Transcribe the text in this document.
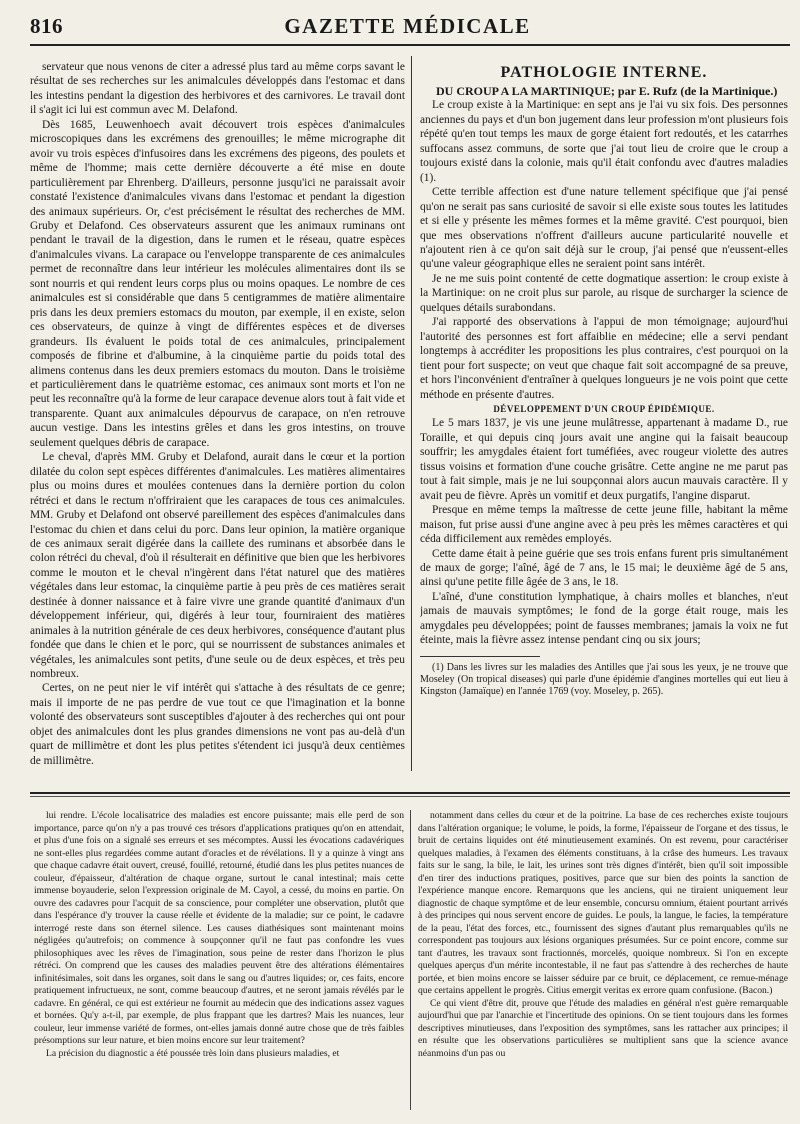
816	GAZETTE MÉDICALE

servateur que nous venons de citer a adressé plus tard au même corps savant le résultat de ses recherches sur les animalcules développés dans l'estomac et dans les intestins pendant la digestion des herbivores et des carnivores. Le travail dont il s'agit ici lui est commun avec M. Delafond.

Dès 1685, Leuwenhoech avait découvert trois espèces d'animalcules microscopiques dans les excrémens des grenouilles; le même micrographe dit avoir vu trois espèces d'infusoires dans les excrémens des pigeons, des poulets et même de l'homme; mais cette dernière découverte a été mise en doute particulièrement par Ehrenberg. D'ailleurs, personne jusqu'ici ne paraissait avoir constaté l'existence d'animalcules vivans dans l'estomac et pendant la digestion des animaux supérieurs. Or, c'est précisément le résultat des recherches de MM. Gruby et Delafond. Ces observateurs assurent que les animaux ruminans ont pendant le travail de la digestion, dans le rumen et le réseau, quatre espèces d'animalcules vivans. La carapace ou l'enveloppe transparente de ces animalcules permet de reconnaître dans leur intérieur les molécules alimentaires dont ils se sont nourris et qui rendent leurs corps plus ou moins opaques. Le nombre de ces animalcules est si considérable que dans 5 centigrammes de matière alimentaire pris dans les deux premiers estomacs du mouton, par exemple, il en existe, selon ces observateurs, de quinze à vingt de différentes espèces et de diverses grandeurs. Ils évaluent le poids total de ces animalcules, principalement composés de fibrine et d'albumine, à la cinquième partie du poids total des alimens contenus dans les deux premiers estomacs du mouton. Dans le troisième et particulièrement dans le quatrième estomac, ces animaux sont morts et l'on ne peut les reconnaître qu'à la forme de leur carapace devenue alors tout à fait vide et transparente. Quant aux animalcules dépourvus de carapace, on n'en retrouve aucun vestige. Dans les intestins grêles et dans les gros intestins, on trouve seulement quelques débris de carapace.

Le cheval, d'après MM. Gruby et Delafond, aurait dans le cœur et la portion dilatée du colon sept espèces différentes d'animalcules. Les matières alimentaires plus ou moins dures et moulées contenues dans la dernière portion du colon rétréci et dans le rectum n'offriraient que les carapaces de tous ces animalcules. MM. Gruby et Delafond ont observé pareillement des espèces d'animalcules dans l'estomac du chien et dans celui du porc. Dans leur opinion, la matière organique de ces animaux serait digérée dans la caillete des ruminans et absorbée dans le colon rétréci du cheval, d'où il résulterait en définitive que bien que les herbivores comme le mouton et le cheval n'ingèrent dans l'état naturel que des matières végétales dans leur estomac, la cinquième partie à peu près de ces matières serait destinée à donner naissance et à faire vivre une grande quantité d'animaux d'un développement inférieur, qui, digérés à leur tour, fourniraient des matières animales à la nutrition générale de ces deux herbivores, conséquence d'autant plus fondée que dans le chien et le porc, qui se nourrissent de substances animales et végétales, les animalcules sont petits, d'une seule ou de deux espèces, et très peu nombreux.

Certes, on ne peut nier le vif intérêt qui s'attache à des résultats de ce genre; mais il importe de ne pas perdre de vue tout ce que l'imagination et la bonne volonté des observateurs sont susceptibles d'ajouter à des recherches qui ont pour objet des animalcules dont les plus grandes dimensions ne vont pas au-delà d'un quart de millimètre et dont les plus petites s'étendent ici jusqu'à deux centièmes de millimètre.

PATHOLOGIE INTERNE.

DU CROUP A LA MARTINIQUE; par E. Rufz (de la Martinique.)

Le croup existe à la Martinique: en sept ans je l'ai vu six fois. Des personnes anciennes du pays et d'un bon jugement dans leur profession m'ont plusieurs fois répété qu'en tout temps les maux de gorge étaient fort redoutés, et les catarrhes suffocans assez communs, de sorte que j'ai tout lieu de croire que le croup a toujours existé dans la colonie, mais qu'il était confondu avec d'autres maladies (1).

Cette terrible affection est d'une nature tellement spécifique que j'ai pensé qu'on ne serait pas sans curiosité de savoir si elle existe sous toutes les latitudes et si elle y présente les mêmes formes et la même gravité. C'est pourquoi, bien que mes observations n'offrent d'ailleurs aucune particularité nouvelle et n'ajoutent rien à ce qu'on sait déjà sur le croup, j'ai pensé que n'eussent-elles qu'une valeur géographique elles ne seraient point sans intérêt.

Je ne me suis point contenté de cette dogmatique assertion: le croup existe à la Martinique: on ne croit plus sur parole, au risque de surcharger la science de quelques détails surabondans.

J'ai rapporté des observations à l'appui de mon témoignage; aujourd'hui l'autorité des personnes est fort affaiblie en médecine; elle a servi pendant longtemps à accréditer les propositions les plus contraires, c'est pourquoi on la tient pour fort suspecte; on veut que chaque fait soit accompagné de sa preuve, et hors l'inconvénient d'entraîner à quelques longueurs je ne vois point que cette méthode en présente d'autres.

DÉVELOPPEMENT D'UN CROUP ÉPIDÉMIQUE.

Le 5 mars 1837, je vis une jeune mulâtresse, appartenant à madame D., rue Toraille, et qui depuis cinq jours avait une angine qui la faisait beaucoup souffrir; les amygdales étaient fort tuméfiées, avec rougeur violette des autres tissus voisins et formation d'une couche grisâtre. Cette angine ne me parut pas tout à fait simple, mais je ne lui soupçonnai alors aucun mauvais caractère. Il y avait peu de fièvre. Après un vomitif et deux purgatifs, l'angine disparut.

Presque en même temps la maîtresse de cette jeune fille, habitant la même maison, fut prise aussi d'une angine avec à peu près les mêmes caractères et qui céda difficilement aux remèdes employés.

Cette dame était à peine guérie que ses trois enfans furent pris simultanément de maux de gorge; l'aîné, âgé de 7 ans, le 15 mai; le deuxième âgé de 5 ans, ainsi qu'une petite fille âgée de 3 ans, le 18.

L'aîné, d'une constitution lymphatique, à chairs molles et blanches, n'eut jamais de mauvais symptômes; le fond de la gorge était rouge, mais les amygdales peu développées; point de fausses membranes; jamais la voix ne fut éteinte, mais la fièvre assez intense pendant cinq ou six jours;

(1) Dans les livres sur les maladies des Antilles que j'ai sous les yeux, je ne trouve que Moseley (On tropical diseases) qui parle d'une épidémie d'angines mortelles qui eut lieu à Kingston (Jamaïque) en l'année 1769 (voy. Moseley, p. 265).

lui rendre. L'école localisatrice des maladies est encore puissante; mais elle perd de son importance, parce qu'on n'y a pas trouvé ces trésors d'applications pratiques qu'on en attendait, et plus d'une fois on a signalé ses erreurs et ses mécomptes. Aussi les évocations cadavériques ne sont-elles plus regardées comme autant d'oracles et de révélations. Il y a quinze à vingt ans que chaque cadavre était ouvert, creusé, fouillé, retourné, étudié dans les plus petites nuances de couleur, d'épaisseur, d'altération de chaque organe, surtout le canal intestinal; mais cette immense boyauderie, selon l'expression originale de M. Cayol, a cessé, du moins en partie. On ouvre des cadavres pour l'acquit de sa conscience, pour compléter une observation, plutôt que dans l'espérance d'y trouver la cause réelle et évidente de la maladie; sur ce point, le cadavre interrogé reste dans son éternel silence. Les causes diathésiques sont maintenant moins négligées qu'autrefois; on commence à soupçonner qu'il ne faut pas confondre les vues philosophiques avec les rêves de l'imagination, sous peine de rester dans l'horizon le plus rétréci. On comprend que les causes des maladies peuvent être des altérations élémentaires infinitésimales, soit dans les organes, soit dans le sang ou d'autres liquides; or, ces faits, encore pratiquement infructueux, ne sont, comme beaucoup d'autres, et ne seront jamais révélés par le cadavre. En général, ce qui est extérieur ne fournit au médecin que des indications assez vagues et bornées. Qu'y a-t-il, par exemple, de plus frappant que les dartres? Mais les nuances, leur couleur, leur immense variété de formes, ont-elles jamais donné autre chose que de très faibles présomptions sur leur nature, et bien moins encore sur leur traitement?

La précision du diagnostic a été poussée très loin dans plusieurs maladies, et

notamment dans celles du cœur et de la poitrine. La base de ces recherches existe toujours dans l'altération organique; le volume, le poids, la forme, l'épaisseur de l'organe et des tissus, le bruit de certains liquides ont été minutieusement examinés. On est revenu, pour caractériser quelques maladies, à l'examen des éléments constituans, à la crâse des humeurs. Les travaux faits sur le sang, la bile, le lait, les urines sont très dignes d'intérêt, bien qu'il soit impossible d'en tirer des inductions pratiques, positives, parce que sur bien des points la sanction de l'expérience manque encore. Remarquons que les anciens, qui ne tiraient uniquement leur diagnostic de chaque symptôme et de leur ensemble, concursu omnium, étaient pourtant arrivés à des principes qui nous servent encore de guides. Le pouls, la langue, le facies, la température de la peau, l'état des forces, etc., fournissent des signes d'autant plus remarquables qu'ils ne correspondent pas toujours aux lésions organiques présumées. Sur ce point encore, comme sur tant d'autres, les travaux sont fractionnés, morcelés, quoique nombreux. Si l'on en excepte quelques aperçus d'un mérite incontestable, il ne faut pas s'attendre à des recherches de haute portée, et bien moins encore se laisser séduire par ce bruit, ce déplacement, ce remue-ménage que certains appellent le progrès. Citius emergit veritas ex errore quam confusione. (Bacon.)

Ce qui vient d'être dit, prouve que l'étude des maladies en général n'est guère remarquable aujourd'hui que par l'anarchie et l'incertitude des opinions. On se tient toujours dans les formes descriptives minutieuses, dans l'exposition des symptômes, sans les rattacher aux principes; il en résulte que les observations particulières se multiplient sans que la science avance néanmoins d'un pas ou
